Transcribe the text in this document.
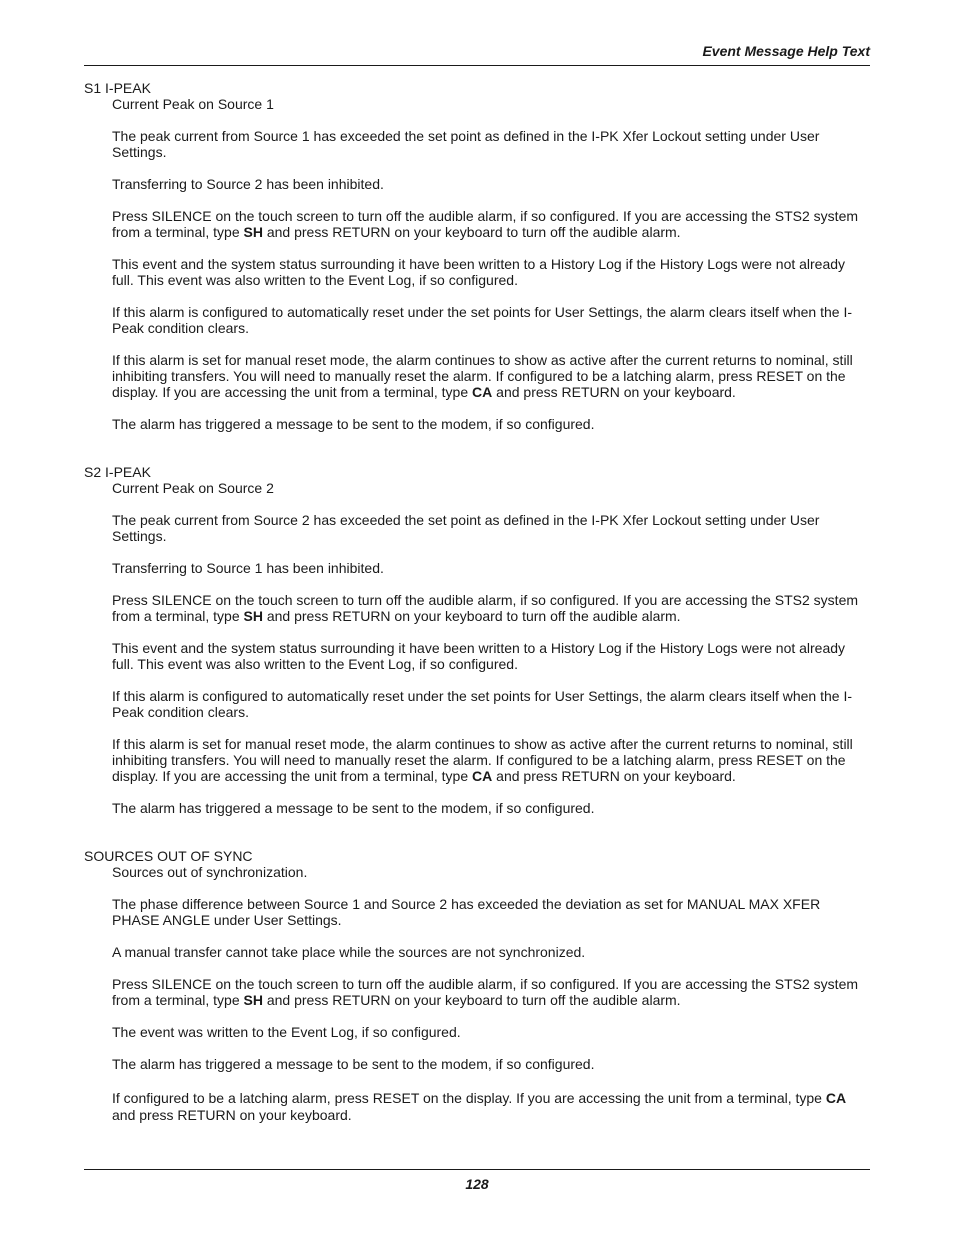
Event Message Help Text

S1 I-PEAK

Current Peak on Source 1

The peak current from Source 1 has exceeded the set point as defined in the I-PK Xfer Lockout setting under User Settings.

Transferring to Source 2 has been inhibited.

Press SILENCE on the touch screen to turn off the audible alarm, if so configured. If you are accessing the STS2 system from a terminal, type SH and press RETURN on your keyboard to turn off the audible alarm.

This event and the system status surrounding it have been written to a History Log if the History Logs were not already full. This event was also written to the Event Log, if so configured.

If this alarm is configured to automatically reset under the set points for User Settings, the alarm clears itself when the I-Peak condition clears.

If this alarm is set for manual reset mode, the alarm continues to show as active after the current returns to nominal, still inhibiting transfers. You will need to manually reset the alarm. If configured to be a latching alarm, press RESET on the display. If you are accessing the unit from a terminal, type CA and press RETURN on your keyboard.

The alarm has triggered a message to be sent to the modem, if so configured.

S2 I-PEAK

Current Peak on Source 2

The peak current from Source 2 has exceeded the set point as defined in the I-PK Xfer Lockout setting under User Settings.

Transferring to Source 1 has been inhibited.

Press SILENCE on the touch screen to turn off the audible alarm, if so configured. If you are accessing the STS2 system from a terminal, type SH and press RETURN on your keyboard to turn off the audible alarm.

This event and the system status surrounding it have been written to a History Log if the History Logs were not already full. This event was also written to the Event Log, if so configured.

If this alarm is configured to automatically reset under the set points for User Settings, the alarm clears itself when the I-Peak condition clears.

If this alarm is set for manual reset mode, the alarm continues to show as active after the current returns to nominal, still inhibiting transfers. You will need to manually reset the alarm. If configured to be a latching alarm, press RESET on the display. If you are accessing the unit from a terminal, type CA and press RETURN on your keyboard.

The alarm has triggered a message to be sent to the modem, if so configured.

SOURCES OUT OF SYNC

Sources out of synchronization.

The phase difference between Source 1 and Source 2 has exceeded the deviation as set for MANUAL MAX XFER PHASE ANGLE under User Settings.

A manual transfer cannot take place while the sources are not synchronized.

Press SILENCE on the touch screen to turn off the audible alarm, if so configured. If you are accessing the STS2 system from a terminal, type SH and press RETURN on your keyboard to turn off the audible alarm.

The event was written to the Event Log, if so configured.

The alarm has triggered a message to be sent to the modem, if so configured.

If configured to be a latching alarm, press RESET on the display. If you are accessing the unit from a terminal, type CA and press RETURN on your keyboard.

128
